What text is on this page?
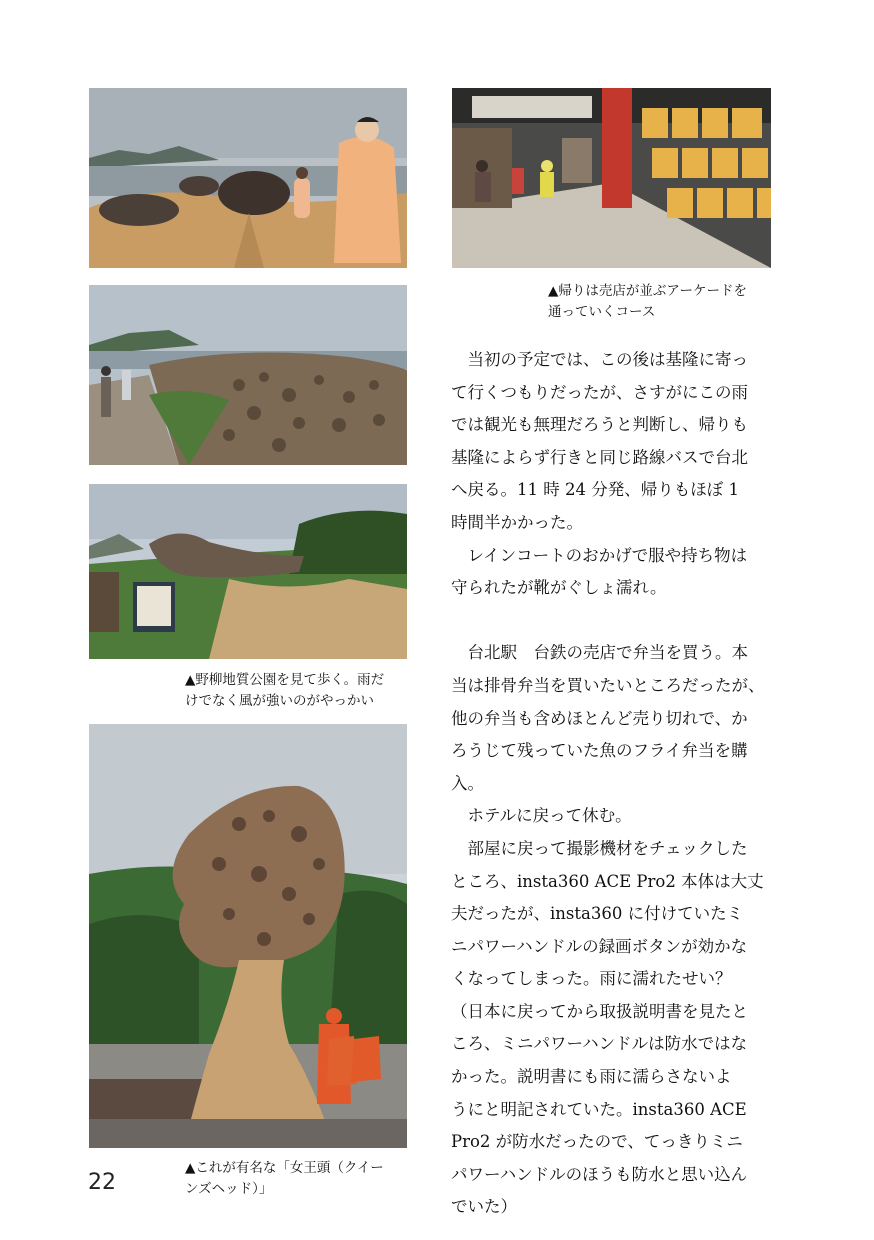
▲帰りは売店が並ぶアーケードを
通っていくコース
▲野柳地質公園を見て歩く。雨だ
けでなく風が強いのがやっかい
▲これが有名な「女王頭（クイー
ンズヘッド）」
　当初の予定では、この後は基隆に寄っ
て行くつもりだったが、さすがにこの雨
では観光も無理だろうと判断し、帰りも
基隆によらず行きと同じ路線バスで台北
へ戻る。11 時 24 分発、帰りもほぼ 1
時間半かかった。
　レインコートのおかげで服や持ち物は
守られたが靴がぐしょ濡れ。
　台北駅　台鉄の売店で弁当を買う。本
当は排骨弁当を買いたいところだったが、
他の弁当も含めほとんど売り切れで、か
ろうじて残っていた魚のフライ弁当を購
入。
　ホテルに戻って休む。
　部屋に戻って撮影機材をチェックした
ところ、insta360 ACE Pro2 本体は大丈
夫だったが、insta360 に付けていたミ
ニパワーハンドルの録画ボタンが効かな
くなってしまった。雨に濡れたせい？
（日本に戻ってから取扱説明書を見たと
ころ、ミニパワーハンドルは防水ではな
かった。説明書にも雨に濡らさないよ
うにと明記されていた。insta360 ACE
Pro2 が防水だったので、てっきりミニ
パワーハンドルのほうも防水と思い込ん
でいた）
22
